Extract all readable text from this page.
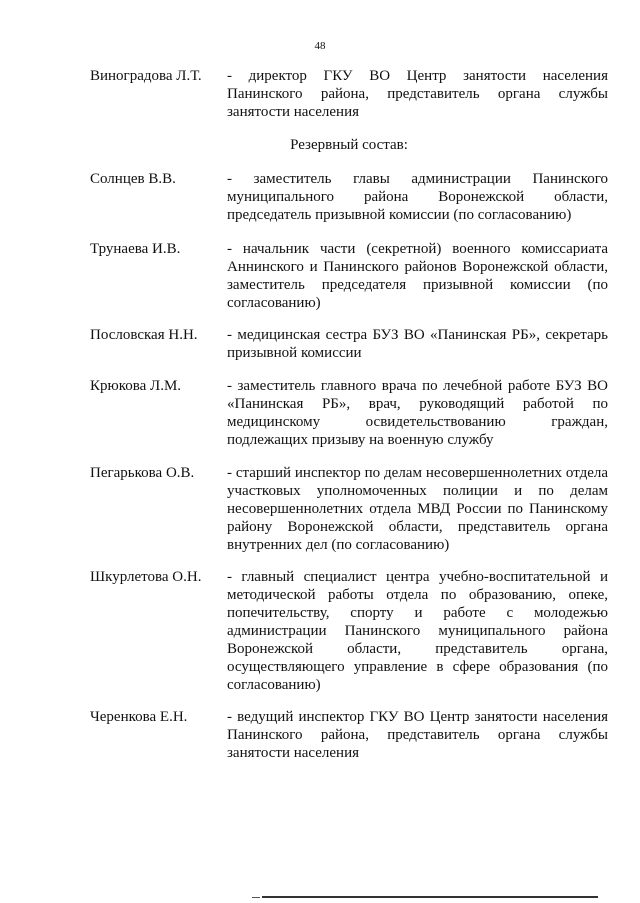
48
Виноградова Л.Т.	- директор ГКУ ВО Центр занятости населения Панинского района, представитель органа службы занятости населения
Резервный состав:
Солнцев В.В.	- заместитель главы администрации Панинского муниципального района Воронежской области, председатель призывной комиссии (по согласованию)
Трунаева И.В.	- начальник части (секретной) военного комиссариата Аннинского и Панинского районов Воронежской области, заместитель председателя призывной комиссии (по согласованию)
Пословская Н.Н.	- медицинская сестра БУЗ ВО «Панинская РБ», секретарь призывной комиссии
Крюкова Л.М.	- заместитель главного врача по лечебной работе БУЗ ВО «Панинская РБ», врач, руководящий работой по медицинскому освидетельствованию граждан, подлежащих призыву на военную службу
Пегарькова О.В.	- старший инспектор по делам несовершеннолетних отдела участковых уполномоченных полиции и по делам несовершеннолетних отдела МВД России по Панинскому району Воронежской области, представитель органа внутренних дел (по согласованию)
Шкурлетова О.Н.	- главный специалист центра учебно-воспитательной и методической работы отдела по образованию, опеке, попечительству, спорту и работе с молодежью администрации Панинского муниципального района Воронежской области, представитель органа, осуществляющего управление в сфере образования (по согласованию)
Черенкова Е.Н.	- ведущий инспектор ГКУ ВО Центр занятости населения Панинского района, представитель органа службы занятости населения
